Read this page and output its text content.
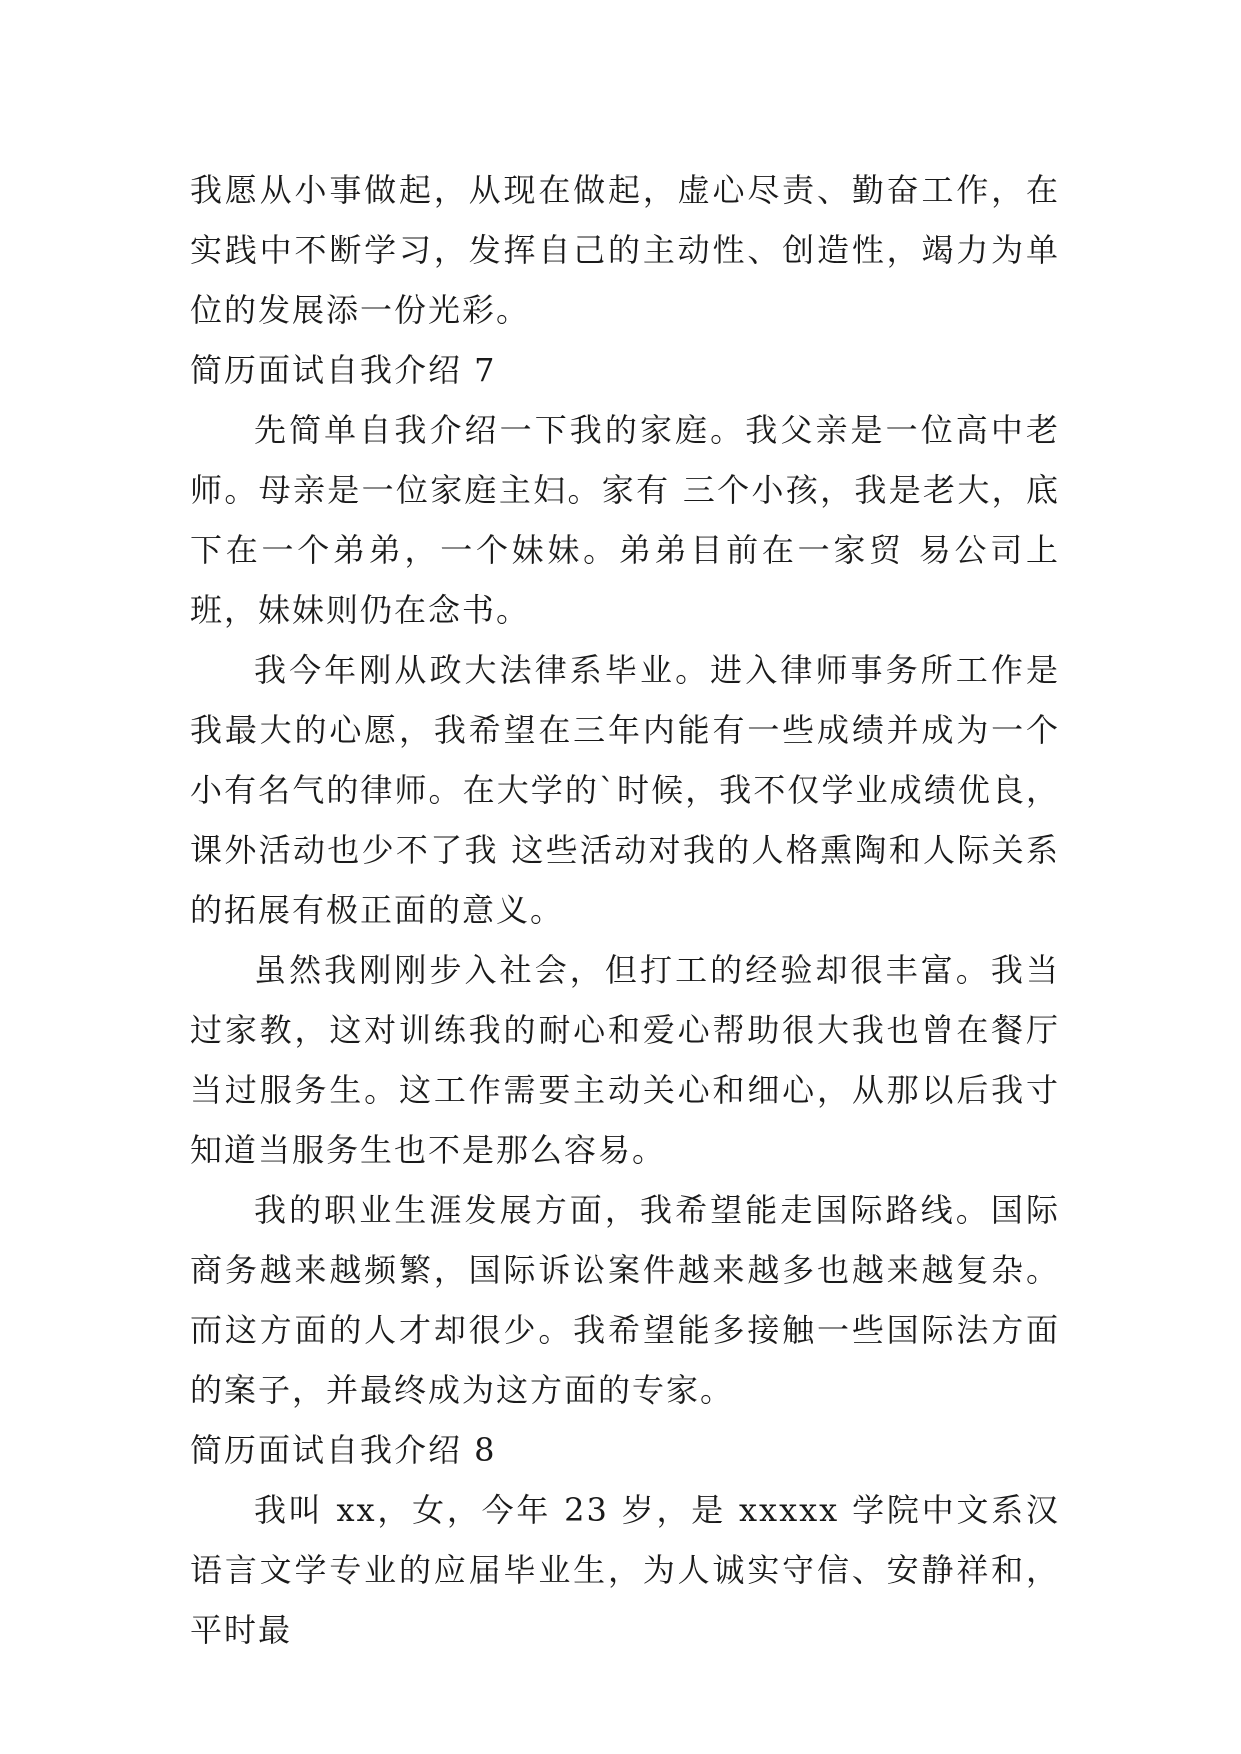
我愿从小事做起，从现在做起，虚心尽责、勤奋工作，在实践中不断学习，发挥自己的主动性、创造性，竭力为单位的发展添一份光彩。

简历面试自我介绍 7

先简单自我介绍一下我的家庭。我父亲是一位高中老师。母亲是一位家庭主妇。家有 三个小孩，我是老大，底下在一个弟弟，一个妹妹。弟弟目前在一家贸 易公司上班，妹妹则仍在念书。

我今年刚从政大法律系毕业。进入律师事务所工作是我最大的心愿，我希望在三年内能有一些成绩并成为一个小有名气的律师。在大学的`时候，我不仅学业成绩优良，课外活动也少不了我 这些活动对我的人格熏陶和人际关系的拓展有极正面的意义。

虽然我刚刚步入社会，但打工的经验却很丰富。我当过家教，这对训练我的耐心和爱心帮助很大我也曾在餐厅当过服务生。这工作需要主动关心和细心，从那以后我寸知道当服务生也不是那么容易。

我的职业生涯发展方面，我希望能走国际路线。国际商务越来越频繁，国际诉讼案件越来越多也越来越复杂。而这方面的人才却很少。我希望能多接触一些国际法方面的案子，并最终成为这方面的专家。

简历面试自我介绍 8

我叫 xx，女，今年 23 岁，是 xxxxx 学院中文系汉语言文学专业的应届毕业生，为人诚实守信、安静祥和，平时最
